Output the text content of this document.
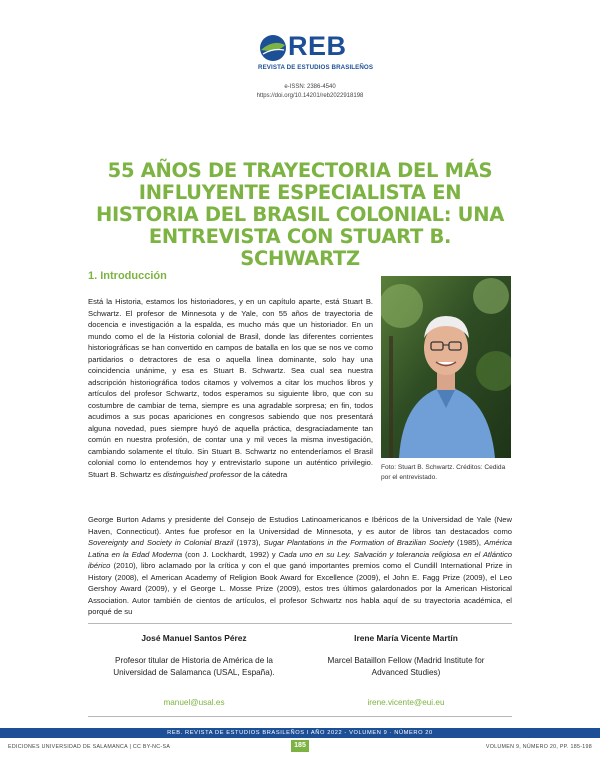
REB
REVISTA DE ESTUDIOS BRASILEÑOS
e-ISSN: 2386-4540
https://doi.org/10.14201/reb2022918198
55 AÑOS DE TRAYECTORIA DEL MÁS INFLUYENTE ESPECIALISTA EN HISTORIA DEL BRASIL COLONIAL: UNA ENTREVISTA CON STUART B. SCHWARTZ
1. Introducción

Está la Historia, estamos los historiadores, y en un capítulo aparte, está Stuart B. Schwartz. El profesor de Minnesota y de Yale, con 55 años de trayectoria de docencia e investigación a la espalda, es mucho más que un historiador. En un mundo como el de la Historia colonial de Brasil, donde las diferentes corrientes historiográficas se han convertido en campos de batalla en los que se nos ve como partidarios o detractores de esa o aquella línea dominante, solo hay una coincidencia unánime, y esa es Stuart B. Schwartz. Sea cual sea nuestra adscripción historiográfica todos citamos y volvemos a citar los muchos libros y artículos del profesor Schwartz, todos esperamos su siguiente libro, que con su costumbre de cambiar de tema, siempre es una agradable sorpresa; en fin, todos acudimos a sus pocas apariciones en congresos sabiendo que nos presentará alguna novedad, pues siempre huyó de aquella práctica, desgraciadamente tan común en nuestra profesión, de contar una y mil veces la misma investigación, cambiando solamente el título. Sin Stuart B. Schwartz no entenderíamos el Brasil colonial como lo entendemos hoy y entrevistarlo supone un auténtico privilegio. Stuart B. Schwartz es distinguished professor de la cátedra

Foto: Stuart B. Schwartz. Créditos: Cedida por el entrevistado.

George Burton Adams y presidente del Consejo de Estudios Latinoamericanos e Ibéricos de la Universidad de Yale (New Haven, Connecticut). Antes fue profesor en la Universidad de Minnesota, y es autor de libros tan destacados como Sovereignty and Society in Colonial Brazil (1973), Sugar Plantations in the Formation of Brazilian Society (1985), América Latina en la Edad Moderna (con J. Lockhardt, 1992) y Cada uno en su Ley. Salvación y tolerancia religiosa en el Atlántico ibérico (2010), libro aclamado por la crítica y con el que ganó importantes premios como el Cundill International Prize in History (2008), el American Academy of Religion Book Award for Excellence (2009), el John E. Fagg Prize (2009), el Leo Gershoy Award (2009), y el George L. Mosse Prize (2009), estos tres últimos galardonados por la American Historical Association. Autor también de cientos de artículos, el profesor Schwartz nos habla aquí de su trayectoria académica, el porqué de su

José Manuel Santos Pérez

Profesor titular de Historia de América de la Universidad de Salamanca (USAL, España).

manuel@usal.es

Irene María Vicente Martín

Marcel Bataillon Fellow (Madrid Institute for Advanced Studies)

irene.vicente@eui.eu

REB. REVISTA DE ESTUDIOS BRASILEÑOS I AÑO 2022 - VOLUMEN 9 · NÚMERO 20
EDICIONES UNIVERSIDAD DE SALAMANCA | CC BY-NC-SA	185	VOLUMEN 9, NÚMERO 20, PP. 185-198
